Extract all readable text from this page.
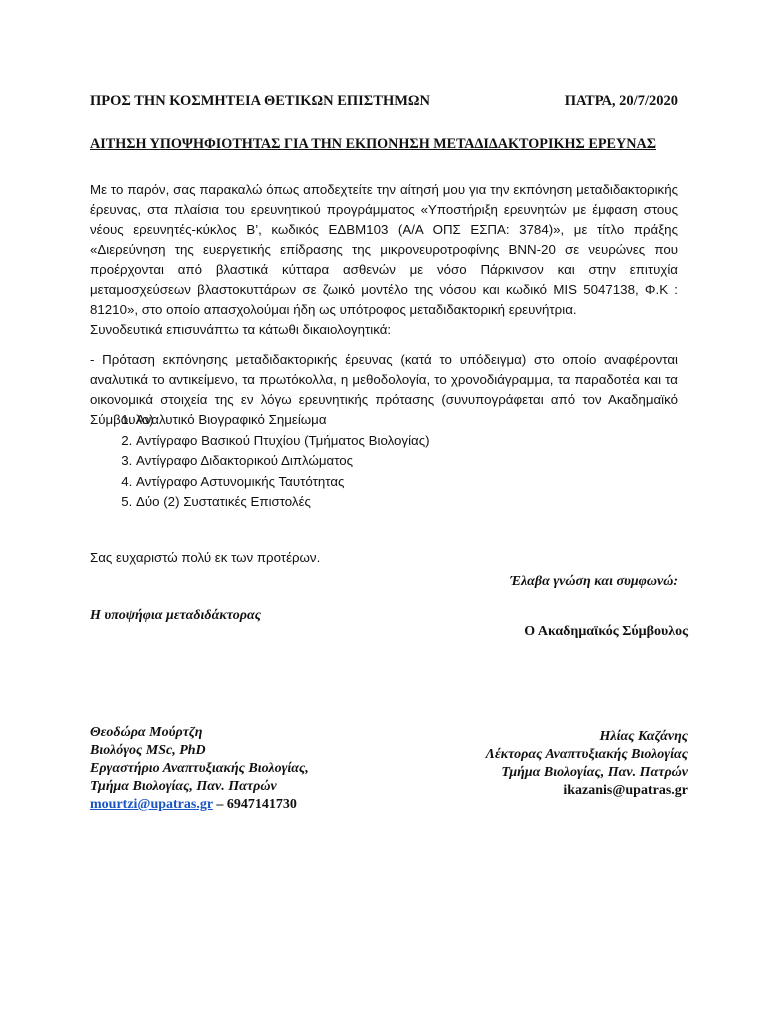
ΠΡΟΣ ΤΗΝ ΚΟΣΜΗΤΕΙΑ ΘΕΤΙΚΩΝ ΕΠΙΣΤΗΜΩΝ	ΠΑΤΡΑ, 20/7/2020
ΑΙΤΗΣΗ ΥΠΟΨΗΦΙΟΤΗΤΑΣ ΓΙΑ ΤΗΝ ΕΚΠΟΝΗΣΗ ΜΕΤΑΔΙΔΑΚΤΟΡΙΚΗΣ ΕΡΕΥΝΑΣ
Με το παρόν, σας παρακαλώ όπως αποδεχτείτε την αίτησή μου για την εκπόνηση μεταδιδακτορικής έρευνας, στα πλαίσια του ερευνητικού προγράμματος «Υποστήριξη ερευνητών με έμφαση στους νέους ερευνητές-κύκλος Β’, κωδικός ΕΔΒΜ103 (Α/Α ΟΠΣ ΕΣΠΑ: 3784)», με τίτλο πράξης «Διερεύνηση της ευεργετικής επίδρασης της μικρονευροτροφίνης ΒΝΝ-20 σε νευρώνες που προέρχονται από βλαστικά κύτταρα ασθενών με νόσο Πάρκινσον και στην επιτυχία μεταμοσχεύσεων βλαστοκυττάρων σε ζωικό μοντέλο της νόσου και κωδικό MIS 5047138, Φ.Κ : 81210», στο οποίο απασχολούμαι ήδη ως υπότροφος μεταδιδακτορική ερευνήτρια.
Συνοδευτικά επισυνάπτω τα κάτωθι δικαιολογητικά:
- Πρόταση εκπόνησης μεταδιδακτορικής έρευνας (κατά το υπόδειγμα) στο οποίο αναφέρονται αναλυτικά το αντικείμενο, τα πρωτόκολλα, η μεθοδολογία, το χρονοδιάγραμμα, τα παραδοτέα και τα οικονομικά στοιχεία της εν λόγω ερευνητικής πρότασης (συνυπογράφεται από τον Ακαδημαϊκό Σύμβουλο)
1. Αναλυτικό Βιογραφικό Σημείωμα
2. Αντίγραφο Βασικού Πτυχίου (Τμήματος Βιολογίας)
3. Αντίγραφο Διδακτορικού Διπλώματος
4. Αντίγραφο Αστυνομικής Ταυτότητας
5. Δύο (2) Συστατικές Επιστολές
Σας ευχαριστώ πολύ εκ των προτέρων.
Έλαβα γνώση και συμφωνώ:
Η υποψήφια μεταδιδάκτορας
Ο Ακαδημαϊκός Σύμβουλος
Θεοδώρα Μούρτζη
Βιολόγος MSc, PhD
Εργαστήριο Αναπτυξιακής Βιολογίας,
Τμήμα Βιολογίας, Παν. Πατρών
mourtzi@upatras.gr – 6947141730
Ηλίας Καζάνης
Λέκτορας Αναπτυξιακής Βιολογίας
Τμήμα Βιολογίας, Παν. Πατρών
ikazanis@upatras.gr
